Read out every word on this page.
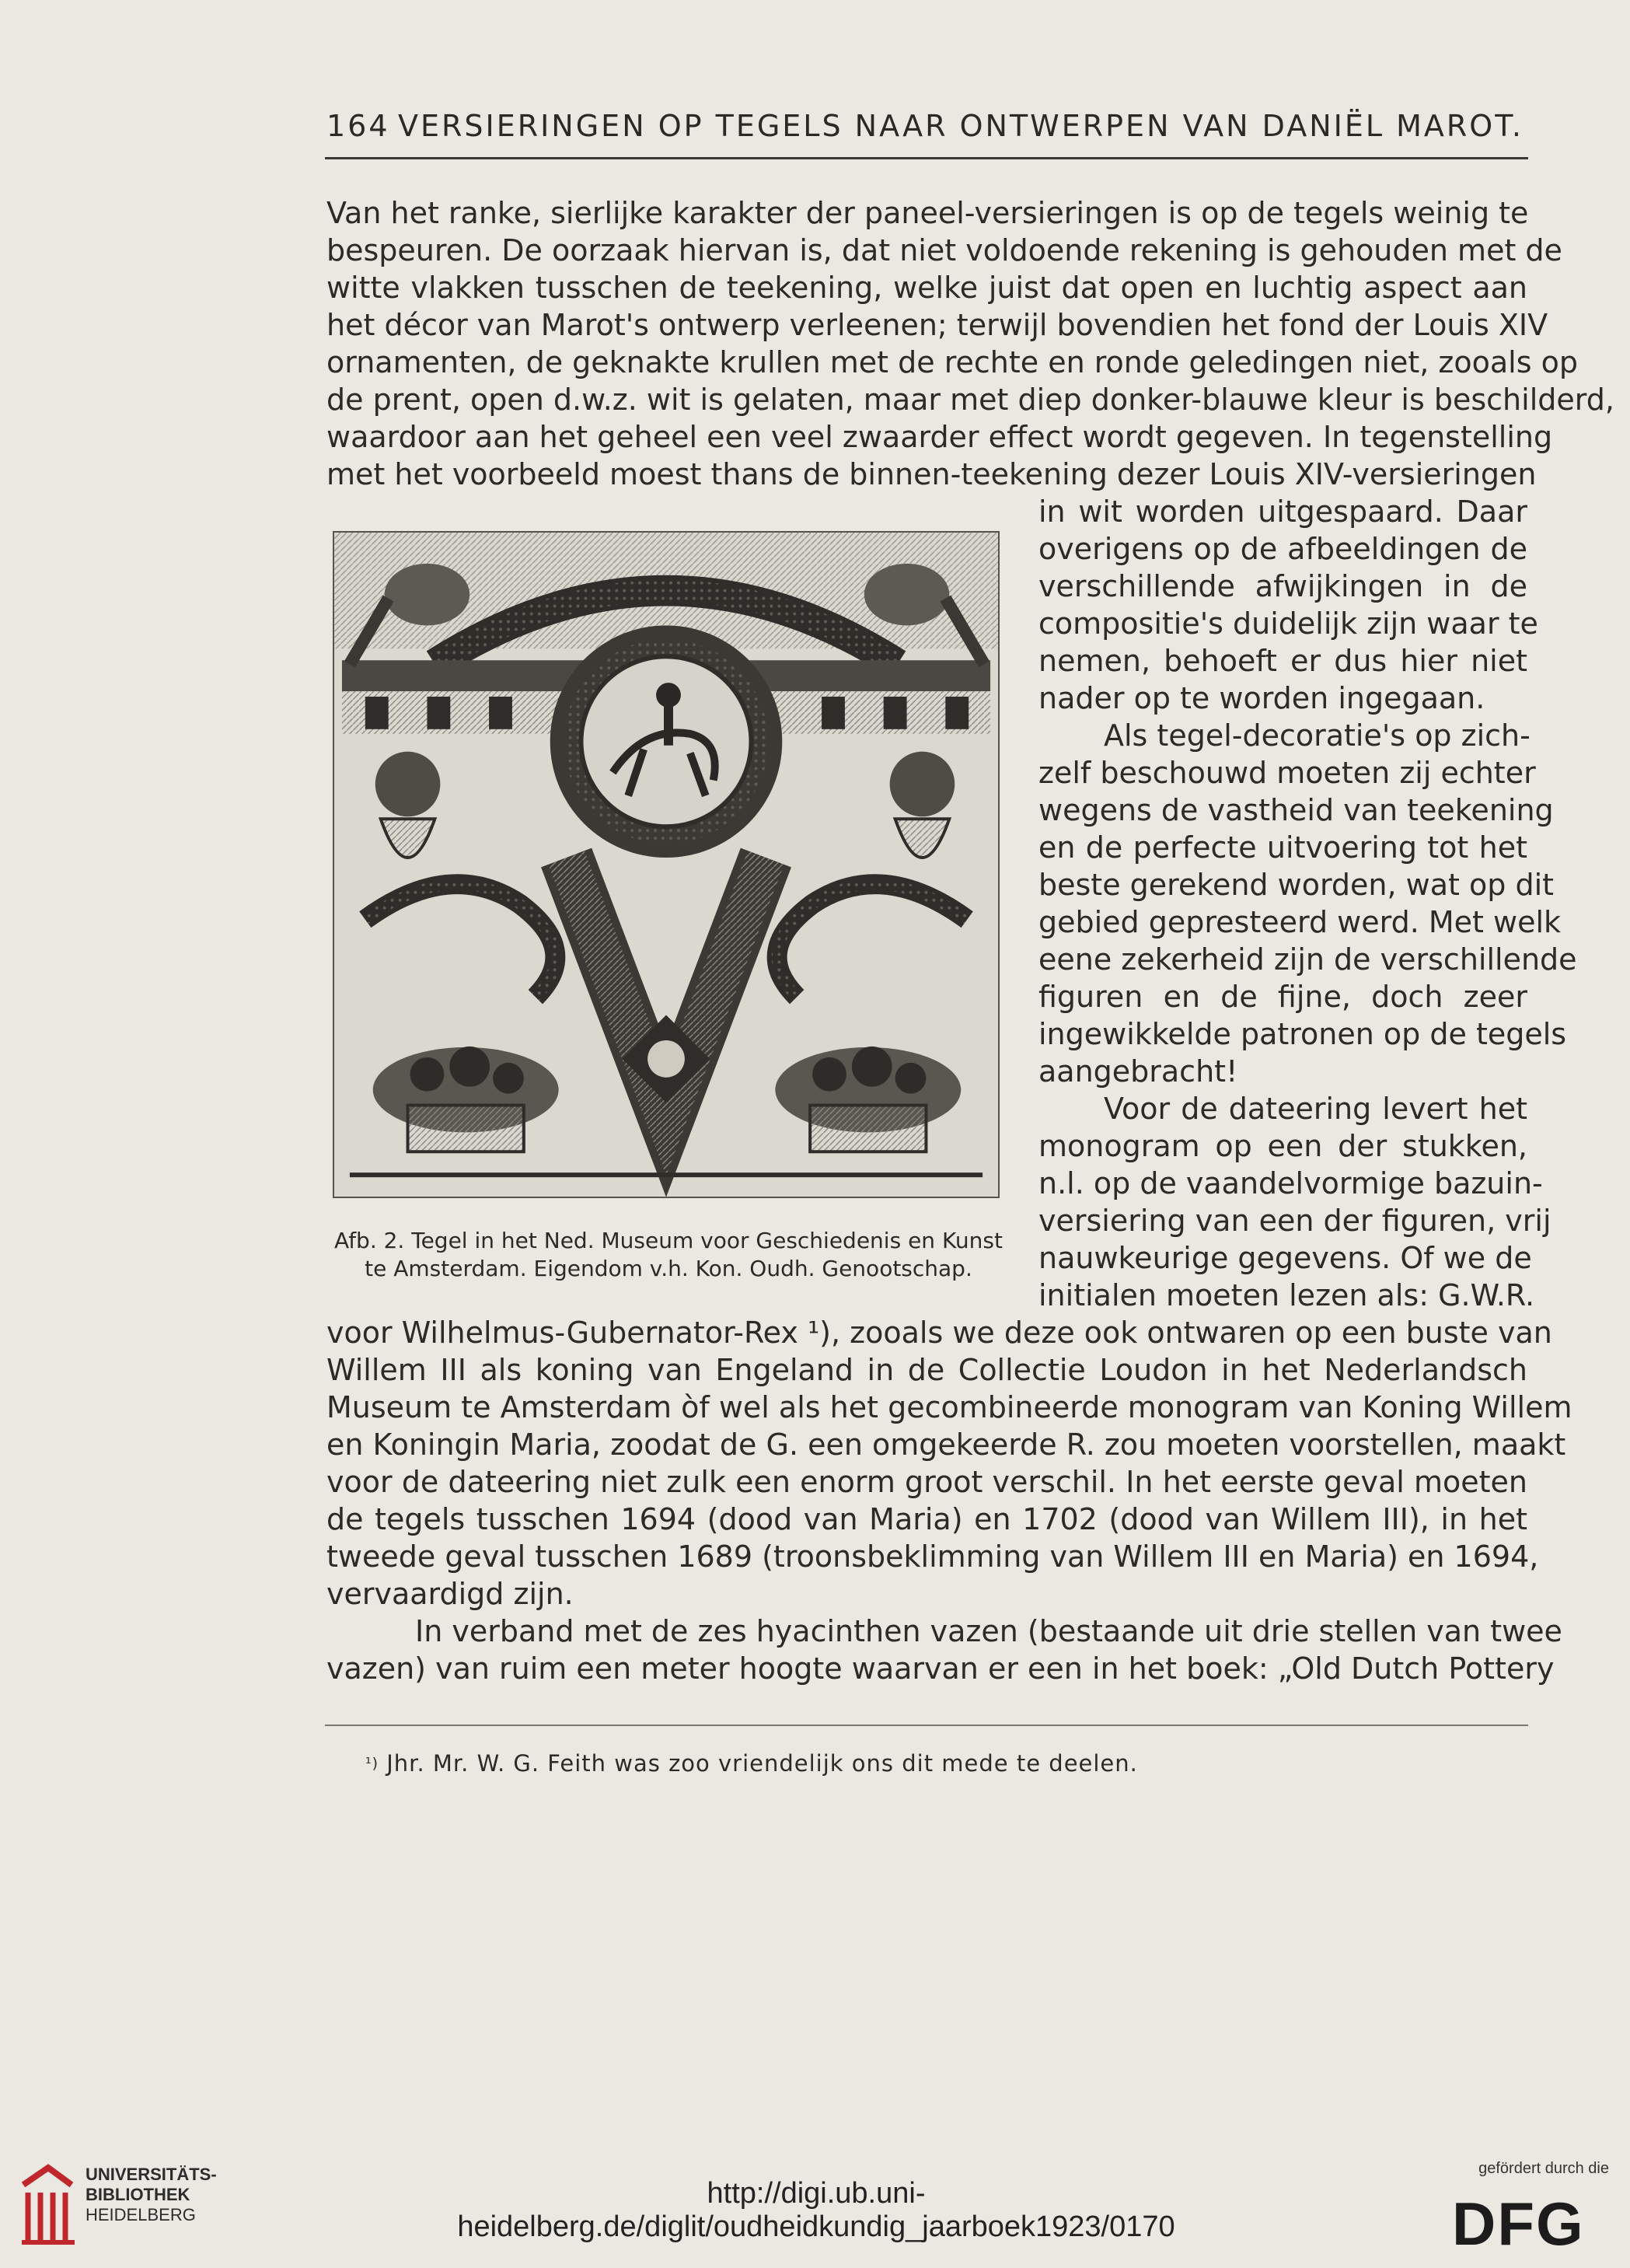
164 VERSIERINGEN OP TEGELS NAAR ONTWERPEN VAN DANIËL MAROT.
Van het ranke, sierlijke karakter der paneel-versieringen is op de tegels weinig te
bespeuren. De oorzaak hiervan is, dat niet voldoende rekening is gehouden met de
witte vlakken tusschen de teekening, welke juist dat open en luchtig aspect aan
het décor van Marot's ontwerp verleenen; terwijl bovendien het fond der Louis XIV
ornamenten, de geknakte krullen met de rechte en ronde geledingen niet, zooals op
de prent, open d.w.z. wit is gelaten, maar met diep donker-blauwe kleur is beschilderd,
waardoor aan het geheel een veel zwaarder effect wordt gegeven. In tegenstelling
met het voorbeeld moest thans de binnen-teekening dezer Louis XIV-versieringen
in wit worden uitgespaard. Daar
overigens op de afbeeldingen de
verschillende afwijkingen in de
compositie's duidelijk zijn waar te
nemen, behoeft er dus hier niet
nader op te worden ingegaan.
Als tegel-decoratie's op zich-
zelf beschouwd moeten zij echter
wegens de vastheid van teekening
en de perfecte uitvoering tot het
beste gerekend worden, wat op dit
gebied gepresteerd werd. Met welk
eene zekerheid zijn de verschillende
figuren en de fijne, doch zeer
ingewikkelde patronen op de tegels
aangebracht!
Voor de dateering levert het
monogram op een der stukken,
n.l. op de vaandelvormige bazuin-
versiering van een der figuren, vrij
nauwkeurige gegevens. Of we de
initialen moeten lezen als: G.W.R.
Afb. 2. Tegel in het Ned. Museum voor Geschiedenis en Kunst
te Amsterdam. Eigendom v.h. Kon. Oudh. Genootschap.
voor Wilhelmus-Gubernator-Rex ¹), zooals we deze ook ontwaren op een buste van
Willem III als koning van Engeland in de Collectie Loudon in het Nederlandsch
Museum te Amsterdam òf wel als het gecombineerde monogram van Koning Willem
en Koningin Maria, zoodat de G. een omgekeerde R. zou moeten voorstellen, maakt
voor de dateering niet zulk een enorm groot verschil. In het eerste geval moeten
de tegels tusschen 1694 (dood van Maria) en 1702 (dood van Willem III), in het
tweede geval tusschen 1689 (troonsbeklimming van Willem III en Maria) en 1694,
vervaardigd zijn.
In verband met de zes hyacinthen vazen (bestaande uit drie stellen van twee
vazen) van ruim een meter hoogte waarvan er een in het boek: „Old Dutch Pottery
$^{^1)}$ Jhr. Mr. W. G. Feith was zoo vriendelijk ons dit mede te deelen.
UNIVERSITÄTS-
BIBLIOTHEK
HEIDELBERG
http://digi.ub.uni-heidelberg.de/diglit/oudheidkundig_jaarboek1923/0170
gefördert durch die
DFG
